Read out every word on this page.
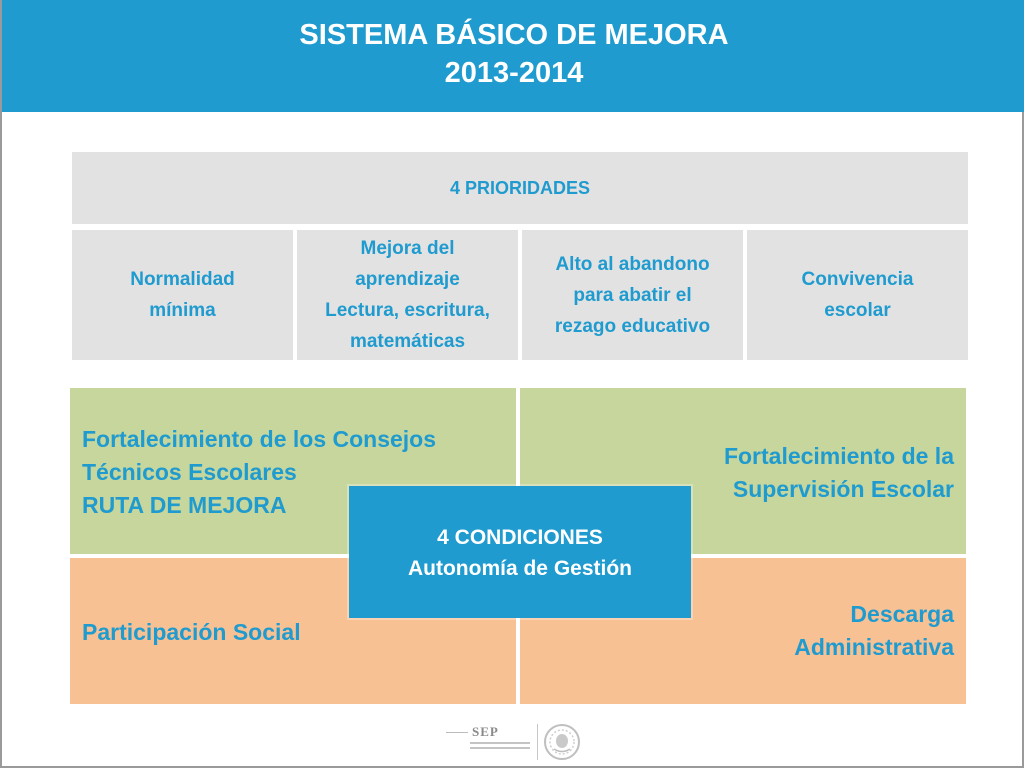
SISTEMA BÁSICO DE MEJORA
2013-2014
4 PRIORIDADES
Normalidad
mínima
Mejora del
aprendizaje
Lectura, escritura,
matemáticas
Alto al abandono
para abatir el
rezago educativo
Convivencia
escolar
Fortalecimiento de los Consejos
Técnicos Escolares
RUTA DE MEJORA
Fortalecimiento de la
Supervisión Escolar
Participación Social
Descarga
Administrativa
4 CONDICIONES
Autonomía de Gestión
SEP
